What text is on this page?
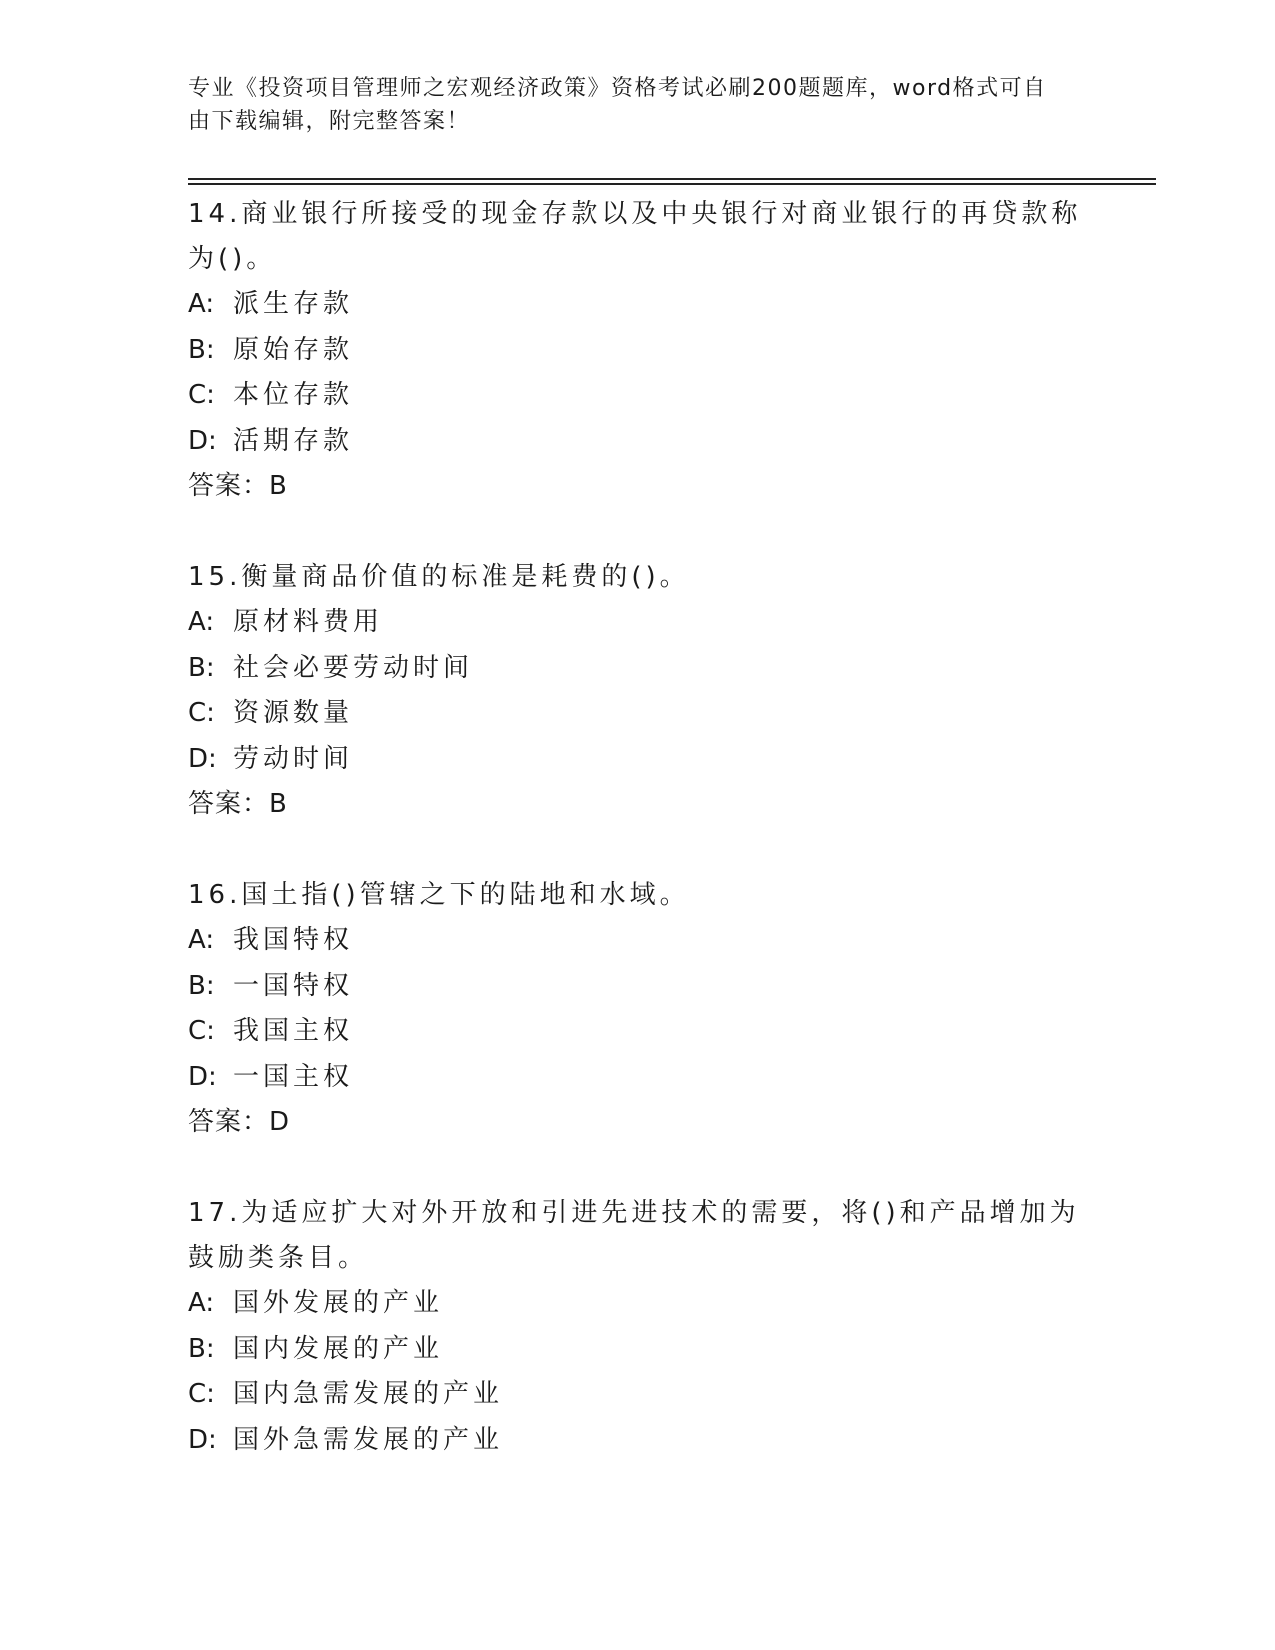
专业《投资项目管理师之宏观经济政策》资格考试必刷200题题库，word格式可自由下载编辑，附完整答案！

14.商业银行所接受的现金存款以及中央银行对商业银行的再贷款称为()。

A: 派生存款

B: 原始存款

C: 本位存款

D: 活期存款

答案：B

15.衡量商品价值的标准是耗费的()。

A: 原材料费用

B: 社会必要劳动时间

C: 资源数量

D: 劳动时间

答案：B

16.国土指()管辖之下的陆地和水域。

A: 我国特权

B: 一国特权

C: 我国主权

D: 一国主权

答案：D

17.为适应扩大对外开放和引进先进技术的需要，将()和产品增加为鼓励类条目。

A: 国外发展的产业

B: 国内发展的产业

C: 国内急需发展的产业

D: 国外急需发展的产业
